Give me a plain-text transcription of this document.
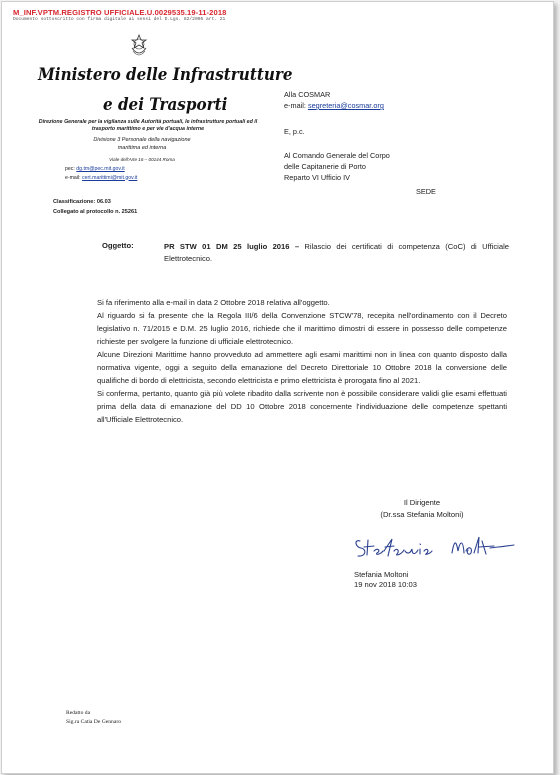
M_INF.VPTM.REGISTRO UFFICIALE.U.0029535.19-11-2018
Documento sottoscritto con firma digitale ai sensi del D.Lgs. 82/2005 art. 21
Ministero delle Infrastrutture
e dei Trasporti
Direzione Generale per la vigilanza sulle Autorità portuali, le infrastrutture portuali ed il trasporto marittimo e per vie d'acqua interne
Divisione 3 Personale della navigazione
marittima ed interna
Viale dell'Arte 16 – 00144 Roma
pec: dg.tm@pec.mit.gov.it
e-mail: cert.marittimi@mit.gov.it
Classificazione: 06.03
Collegato al protocollo n. 25261
Alla COSMAR
e-mail: segreteria@cosmar.org
E, p.c.
Al Comando Generale del Corpo
delle Capitanerie di Porto
Reparto VI Ufficio IV
SEDE
Oggetto:	PR STW 01 DM 25 luglio 2016 – Rilascio dei certificati di competenza (CoC) di Ufficiale Elettrotecnico.

Si fa riferimento alla e-mail in data 2 Ottobre 2018 relativa all'oggetto.

Al riguardo si fa presente che la Regola III/6 della Convenzione STCW'78, recepita nell'ordinamento con il Decreto legislativo n. 71/2015 e D.M. 25 luglio 2016, richiede che il marittimo dimostri di essere in possesso delle competenze richieste per svolgere la funzione di ufficiale elettrotecnico.

Alcune Direzioni Marittime hanno provveduto ad ammettere agli esami marittimi non in linea con quanto disposto dalla normativa vigente, oggi a seguito della emanazione del Decreto Direttoriale 10 Ottobre 2018 la conversione delle qualifiche di bordo di elettricista, secondo elettricista e primo elettricista è prorogata fino al 2021.

Si conferma, pertanto, quanto già più volete ribadito dalla scrivente non è possibile considerare validi glie esami effettuati prima della data di emanazione del DD 10 Ottobre 2018 concernente l'individuazione delle competenze spettanti all'Ufficiale Elettrotecnico.

Il Dirigente
(Dr.ssa Stefania Moltoni)
Stefania Moltoni
19 nov 2018 10:03
Redatto da
Sig.ra Catia De Gennaro
